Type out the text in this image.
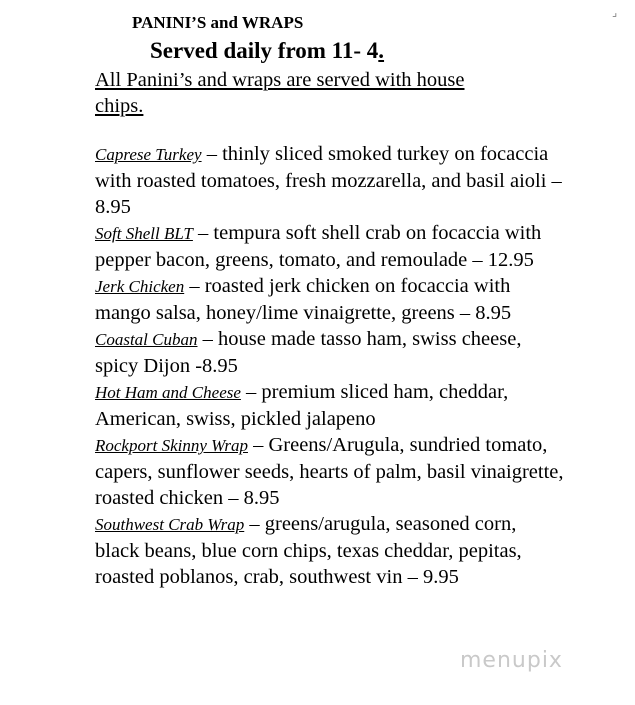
⌟
PANINI’S and WRAPS

Served daily from 11- 4.

All Panini’s and wraps are served with house chips.

Caprese Turkey – thinly sliced smoked turkey on focaccia with roasted tomatoes, fresh mozzarella, and basil aioli – 8.95
Soft Shell BLT – tempura soft shell crab on focaccia with pepper bacon, greens, tomato, and remoulade – 12.95
Jerk Chicken – roasted jerk chicken on focaccia with mango salsa, honey/lime vinaigrette, greens – 8.95
Coastal Cuban – house made tasso ham, swiss cheese, spicy Dijon -8.95
Hot Ham and Cheese – premium sliced ham, cheddar, American, swiss, pickled jalapeno
Rockport Skinny Wrap – Greens/Arugula, sundried tomato, capers, sunflower seeds, hearts of palm, basil vinaigrette, roasted chicken – 8.95
Southwest Crab Wrap – greens/arugula, seasoned corn, black beans, blue corn chips, texas cheddar, pepitas, roasted poblanos, crab, southwest vin – 9.95
menupix
